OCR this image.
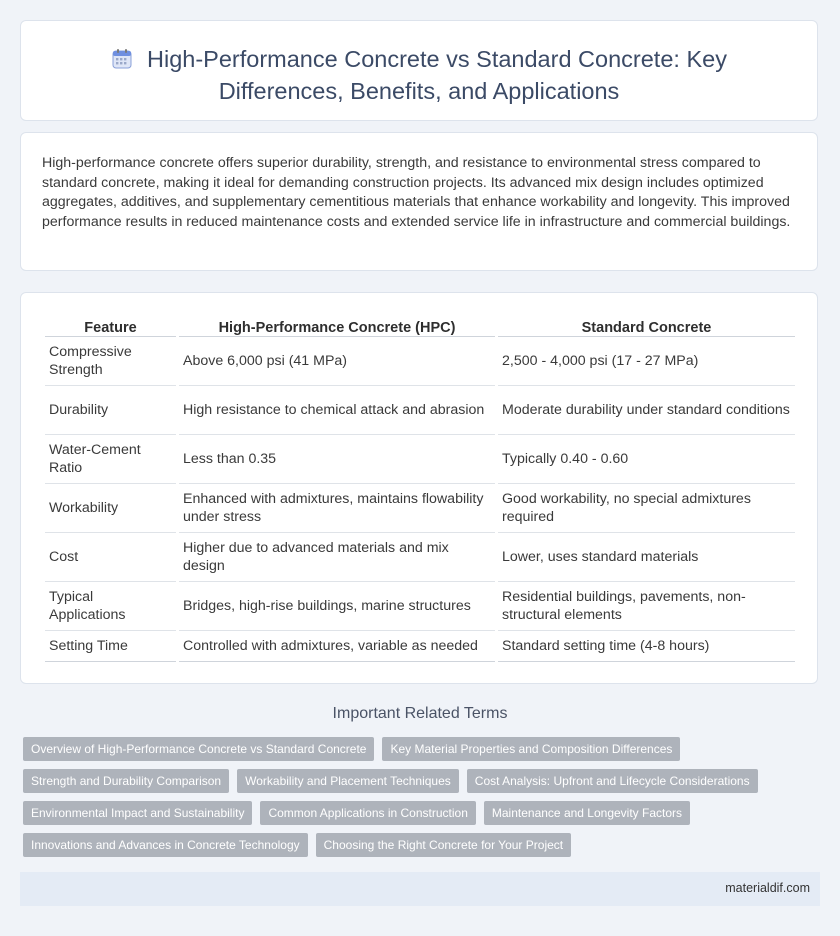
High-Performance Concrete vs Standard Concrete: Key
Differences, Benefits, and Applications

High-performance concrete offers superior durability, strength, and resistance to environmental stress compared to standard concrete, making it ideal for demanding construction projects. Its advanced mix design includes optimized aggregates, additives, and supplementary cementitious materials that enhance workability and longevity. This improved performance results in reduced maintenance costs and extended service life in infrastructure and commercial buildings.

Feature	High-Performance Concrete (HPC)	Standard Concrete
Compressive Strength	Above 6,000 psi (41 MPa)	2,500 - 4,000 psi (17 - 27 MPa)
Durability	High resistance to chemical attack and abrasion	Moderate durability under standard conditions
Water-Cement Ratio	Less than 0.35	Typically 0.40 - 0.60
Workability	Enhanced with admixtures, maintains flowability under stress	Good workability, no special admixtures required
Cost	Higher due to advanced materials and mix design	Lower, uses standard materials
Typical Applications	Bridges, high-rise buildings, marine structures	Residential buildings, pavements, non-structural elements
Setting Time	Controlled with admixtures, variable as needed	Standard setting time (4-8 hours)
Important Related Terms
Overview of High-Performance Concrete vs Standard Concrete	Key Material Properties and Composition Differences
Strength and Durability Comparison	Workability and Placement Techniques	Cost Analysis: Upfront and Lifecycle Considerations
Environmental Impact and Sustainability	Common Applications in Construction	Maintenance and Longevity Factors
Innovations and Advances in Concrete Technology	Choosing the Right Concrete for Your Project
materialdif.com
